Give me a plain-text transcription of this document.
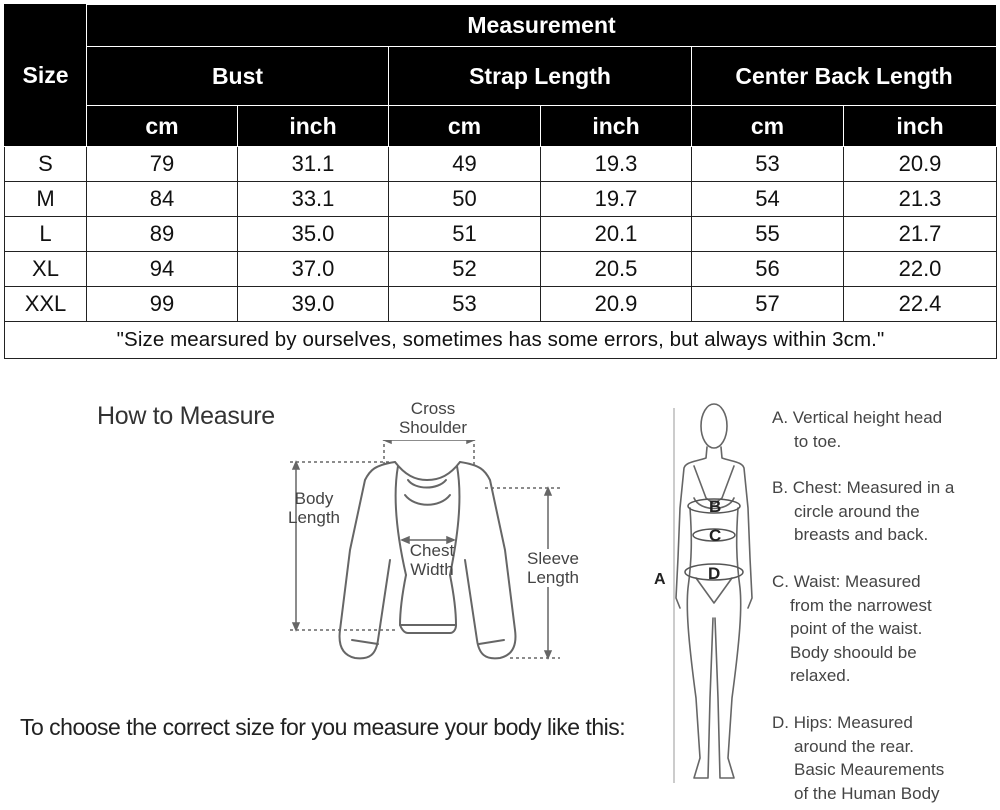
Size	Measurement					
	Bust		Strap Length		Center Back Length	
	cm	inch	cm	inch	cm	inch
S	79	31.1	49	19.3	53	20.9
M	84	33.1	50	19.7	54	21.3
L	89	35.0	51	20.1	55	21.7
XL	94	37.0	52	20.5	56	22.0
XXL	99	39.0	53	20.9	57	22.4
"Size mearsured by ourselves, sometimes has some errors, but always within 3cm."						
How to Measure	Cross
Shoulder
Body
Length
Chest
Width
Sleeve
Length
To choose the correct size for you measure your body like this:
A
B
C
D
A. Vertical height head
to toe.
B. Chest: Measured in a
circle around the
breasts and back.
C. Waist: Measured
from the narrowest
point of the waist.
Body shoould be
relaxed.
D. Hips: Measured
around the rear.
Basic Meaurements
of the Human Body
